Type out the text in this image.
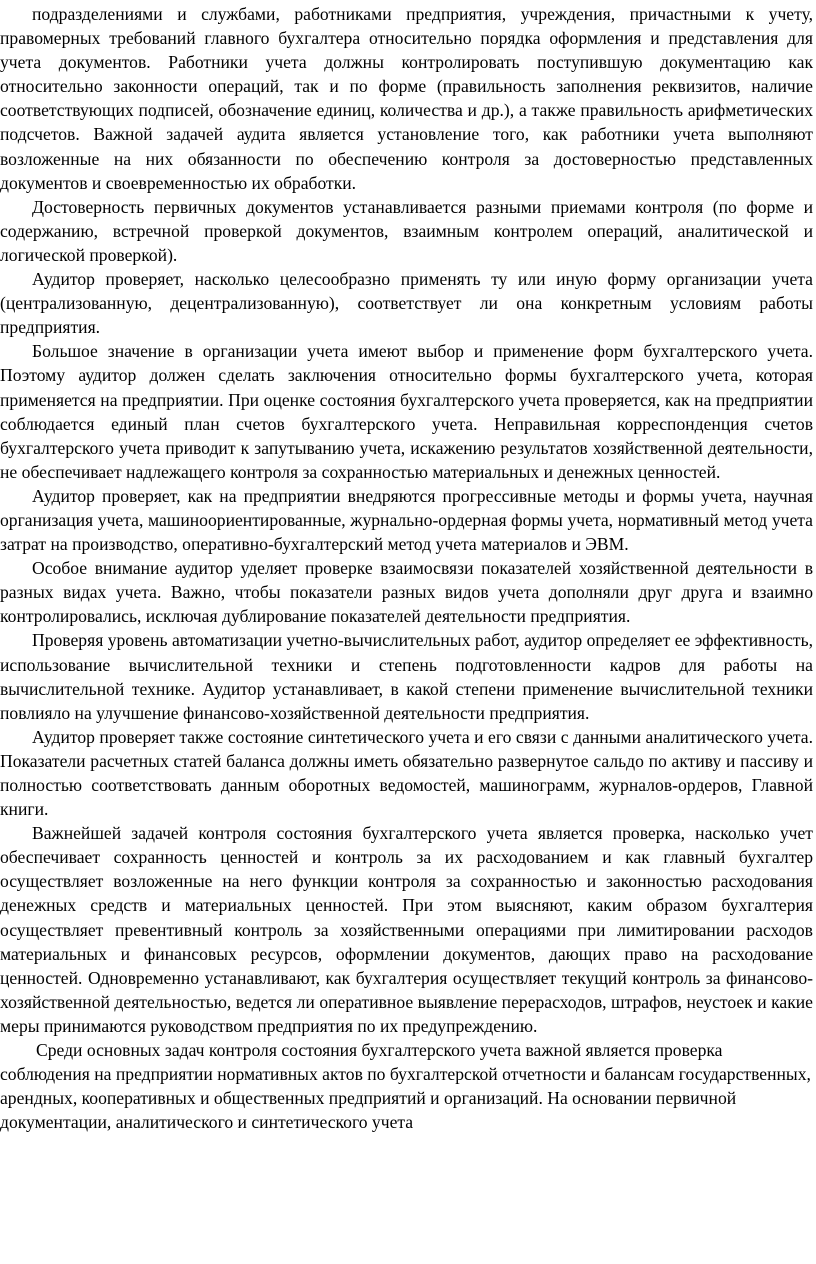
подразделениями и службами, работниками предприятия, учреждения, причастными к учету, правомерных требований главного бухгалтера относительно порядка оформления и представления для учета документов. Работники учета должны контролировать поступившую документацию как относительно законности операций, так и по форме (правильность заполнения реквизитов, наличие соответствующих подписей, обозначение единиц, количества и др.), а также правильность арифметических подсчетов. Важной задачей аудита является установление того, как работники учета выполняют возложенные на них обязанности по обеспечению контроля за достоверностью представленных документов и своевременностью их обработки.

Достоверность первичных документов устанавливается разными приемами контроля (по форме и содержанию, встречной проверкой документов, взаимным контролем операций, аналитической и логической проверкой).

Аудитор проверяет, насколько целесообразно применять ту или иную форму организации учета (централизованную, децентрализованную), соответствует ли она конкретным условиям работы предприятия.

Большое значение в организации учета имеют выбор и применение форм бухгалтерского учета. Поэтому аудитор должен сделать заключения относительно формы бухгалтерского учета, которая применяется на предприятии. При оценке состояния бухгалтерского учета проверяется, как на предприятии соблюдается единый план счетов бухгалтерского учета. Неправильная корреспонденция счетов бухгалтерского учета приводит к запутыванию учета, искажению результатов хозяйственной деятельности, не обеспечивает надлежащего контроля за сохранностью материальных и денежных ценностей.

Аудитор проверяет, как на предприятии внедряются прогрессивные методы и формы учета, научная организация учета, машиноориентированные, журнально-ордерная формы учета, нормативный метод учета затрат на производство, оперативно-бухгалтерский метод учета материалов и ЭВМ.

Особое внимание аудитор уделяет проверке взаимосвязи показателей хозяйственной деятельности в разных видах учета. Важно, чтобы показатели разных видов учета дополняли друг друга и взаимно контролировались, исключая дублирование показателей деятельности предприятия.

Проверяя уровень автоматизации учетно-вычислительных работ, аудитор определяет ее эффективность, использование вычислительной техники и степень подготовленности кадров для работы на вычислительной технике. Аудитор устанавливает, в какой степени применение вычислительной техники повлияло на улучшение финансово-хозяйственной деятельности предприятия.

Аудитор проверяет также состояние синтетического учета и его связи с данными аналитического учета. Показатели расчетных статей баланса должны иметь обязательно развернутое сальдо по активу и пассиву и полностью соответствовать данным оборотных ведомостей, машинограмм, журналов-ордеров, Главной книги.

Важнейшей задачей контроля состояния бухгалтерского учета является проверка, насколько учет обеспечивает сохранность ценностей и контроль за их расходованием и как главный бухгалтер осуществляет возложенные на него функции контроля за сохранностью и законностью расходования денежных средств и материальных ценностей. При этом выясняют, каким образом бухгалтерия осуществляет превентивный контроль за хозяйственными операциями при лимитировании расходов материальных и финансовых ресурсов, оформлении документов, дающих право на расходование ценностей. Одновременно устанавливают, как бухгалтерия осуществляет текущий контроль за финансово-хозяйственной деятельностью, ведется ли оперативное выявление перерасходов, штрафов, неустоек и какие меры принимаются руководством предприятия по их предупреждению.

Среди основных задач контроля состояния бухгалтерского учета важной является проверка соблюдения на предприятии нормативных актов по бухгалтерской отчетности и балансам государственных, арендных, кооперативных и общественных предприятий и организаций. На основании первичной документации, аналитического и синтетического учета
